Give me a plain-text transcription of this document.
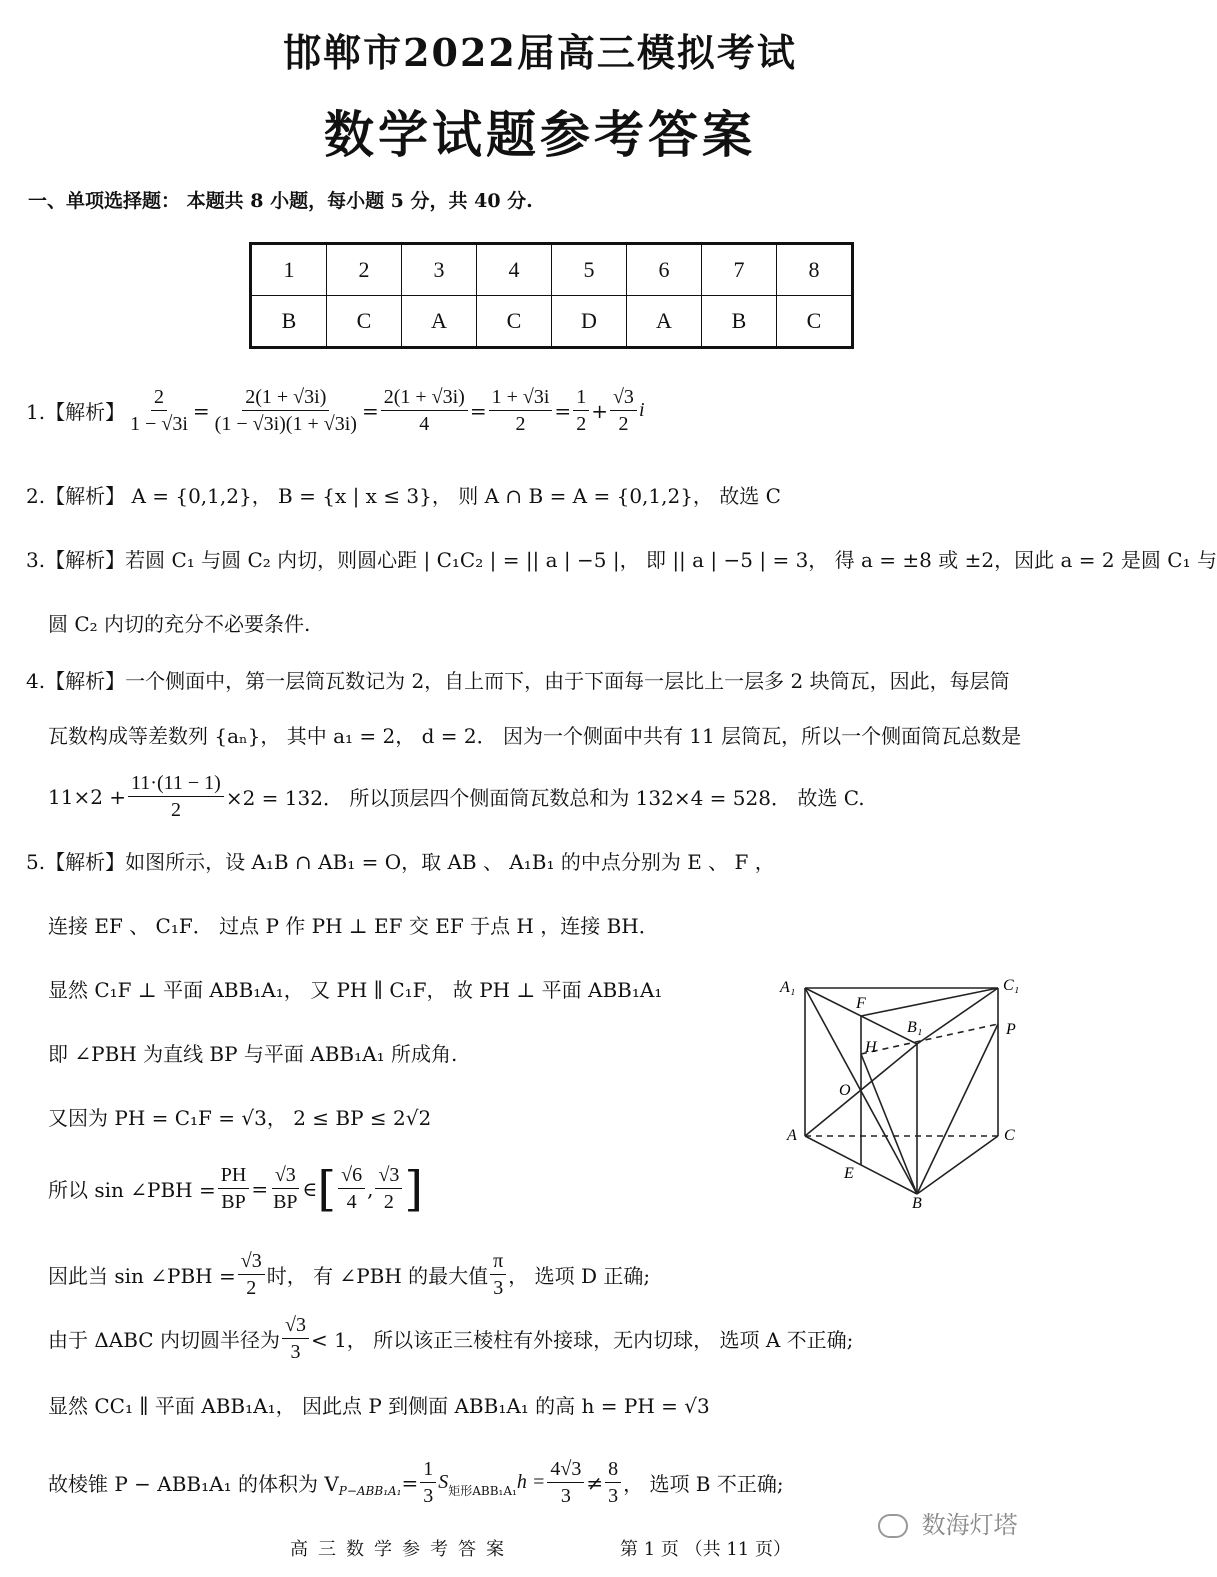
邯郸市2022届高三模拟考试
数学试题参考答案
一、单项选择题： 本题共 8 小题，每小题 5 分，共 40 分.
1	2	3	4	5	6	7	8
B	C	A	C	D	A	B	C
1.【解析】 $\frac{2}{1 - √3i} = \frac{2(1 + √3i)}{(1 - √3i)(1 + √3i)} = \frac{2(1 + √3i)}{4} = \frac{1 + √3i}{2} = \frac{1}{2} + \frac{√3}{2}$ i
2.【解析】 A = {0,1,2}， B = {x | x ≤ 3}， 则 A ∩ B = A = {0,1,2}， 故选 C
3.【解析】若圆 C₁ 与圆 C₂ 内切，则圆心距 | C₁C₂ | = || a | −5 |， 即 || a | −5 | = 3， 得 a = ±8 或 ±2，因此 a = 2 是圆 C₁ 与
圆 C₂ 内切的充分不必要条件.
4.【解析】一个侧面中，第一层筒瓦数记为 2，自上而下，由于下面每一层比上一层多 2 块筒瓦，因此，每层筒
瓦数构成等差数列 {aₙ}， 其中 a₁ = 2， d = 2． 因为一个侧面中共有 11 层筒瓦，所以一个侧面筒瓦总数是
$11\times 2 + \frac{11\cdot(11 - 1)}{2} \times 2 = 132$． 所以顶层四个侧面筒瓦数总和为 132×4 = 528． 故选 C.
5.【解析】如图所示，设 A₁B ∩ AB₁ = O，取 AB 、 A₁B₁ 的中点分别为 E 、 F ，
连接 EF 、 C₁F． 过点 P 作 PH ⊥ EF 交 EF 于点 H ，连接 BH．
显然 C₁F ⊥ 平面 ABB₁A₁， 又 PH ∥ C₁F， 故 PH ⊥ 平面 ABB₁A₁
即 ∠PBH 为直线 BP 与平面 ABB₁A₁ 所成角.
又因为 PH = C₁F = √3， 2 ≤ BP ≤ 2√2
所以 sin ∠PBH = $\frac{PH}{BP} = \frac{√3}{BP}$ ∈ [ $\frac{√6}{4}$ , $\frac{√3}{2}$ ]
因此当 sin ∠PBH = $\frac{√3}{2}$ 时， 有 ∠PBH 的最大值 $\frac{\pi}{3}$ ， 选项 D 正确;
由于 ΔABC 内切圆半径为 $\frac{√3}{3} < 1$， 所以该正三棱柱有外接球，无内切球， 选项 A 不正确;
显然 CC₁ ∥ 平面 ABB₁A₁， 因此点 P 到侧面 ABB₁A₁ 的高 h = PH = √3
故棱锥 P − ABB₁A₁ 的体积为 V $P-ABB_1A_1 = \frac{1}{3}$ S 矩形ABB₁A₁ $h = \frac{4√3}{3} \ne \frac{8}{3}$ ， 选项 B 不正确;
A₁	C₁
F
B₁	P
H
O
A	C
E
B
数海灯塔
高三数学参考答案	第 1 页 （共 11 页）
